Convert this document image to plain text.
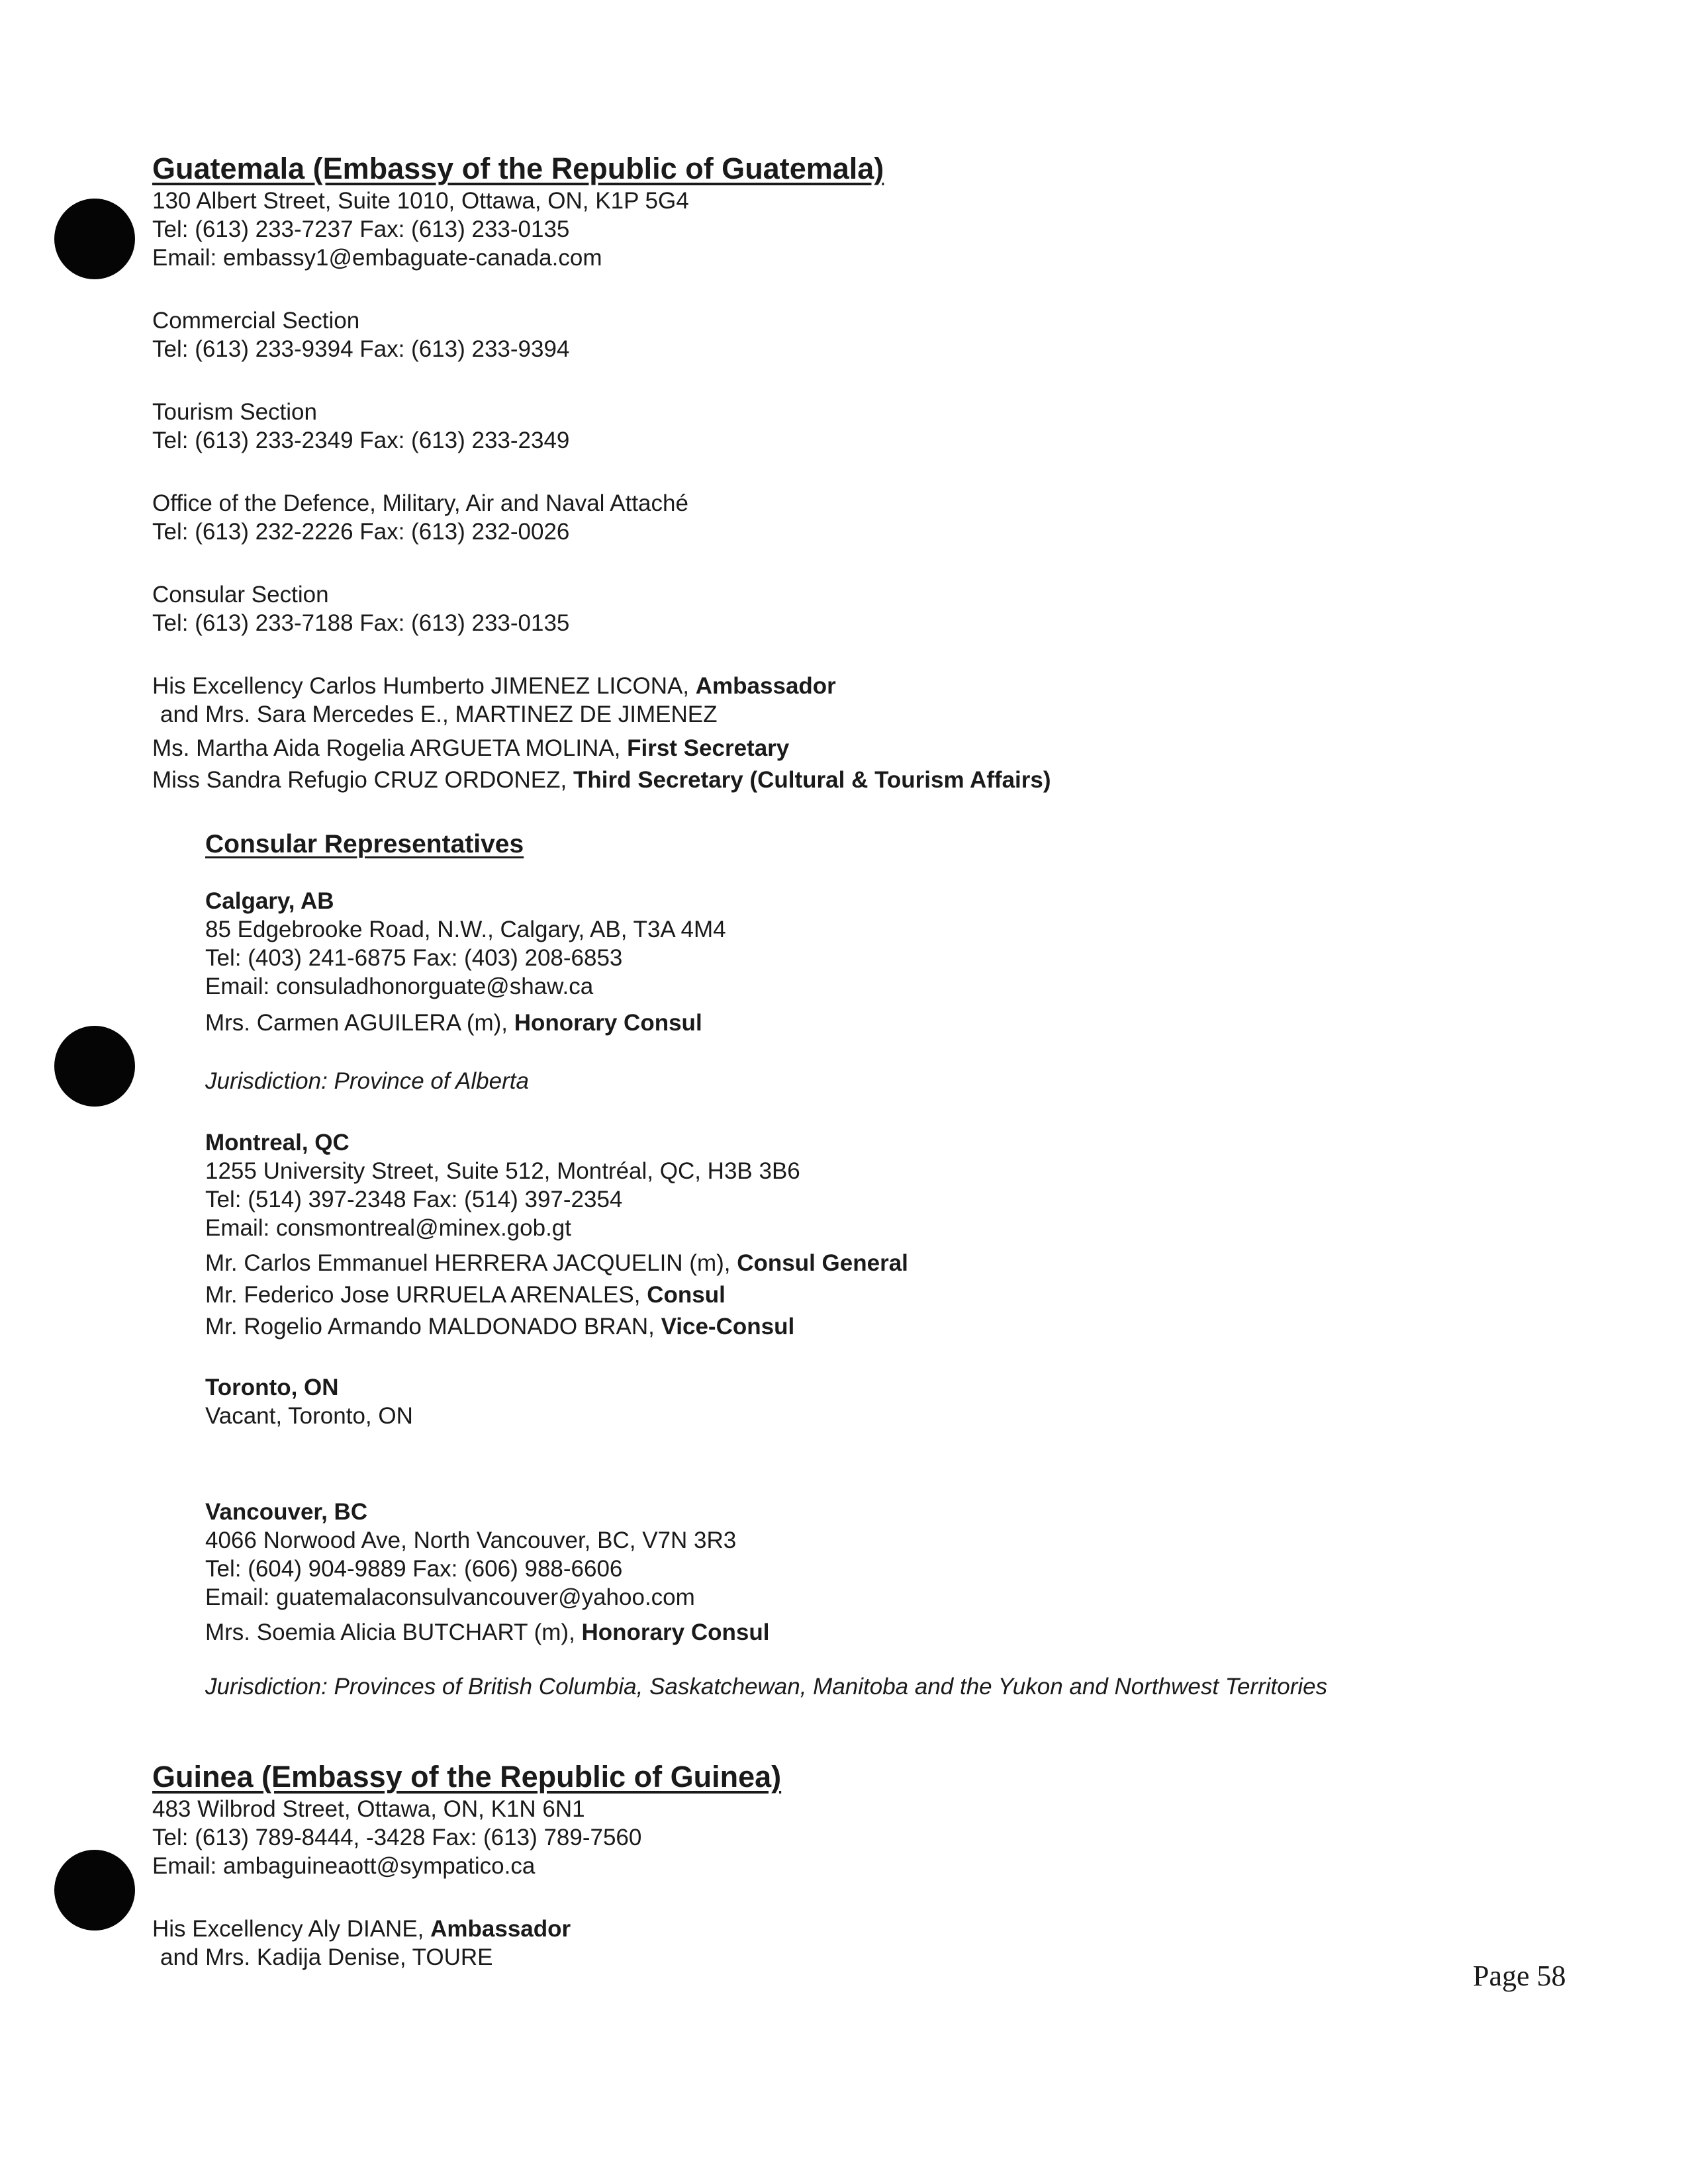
Guatemala (Embassy of the Republic of Guatemala)
130 Albert Street, Suite 1010, Ottawa, ON, K1P 5G4
Tel: (613) 233-7237 Fax: (613) 233-0135
Email: embassy1@embaguate-canada.com
Commercial Section
Tel: (613) 233-9394 Fax: (613) 233-9394
Tourism Section
Tel: (613) 233-2349 Fax: (613) 233-2349
Office of the Defence, Military, Air and Naval Attaché
Tel: (613) 232-2226 Fax: (613) 232-0026
Consular Section
Tel: (613) 233-7188 Fax: (613) 233-0135
His Excellency Carlos Humberto JIMENEZ LICONA, Ambassador
and Mrs. Sara Mercedes E., MARTINEZ DE JIMENEZ
Ms. Martha Aida Rogelia ARGUETA MOLINA, First Secretary
Miss Sandra Refugio CRUZ ORDONEZ, Third Secretary (Cultural & Tourism Affairs)
Consular Representatives
Calgary, AB
85 Edgebrooke Road, N.W., Calgary, AB, T3A 4M4
Tel: (403) 241-6875 Fax: (403) 208-6853
Email: consuladhonorguate@shaw.ca
Mrs. Carmen AGUILERA (m), Honorary Consul
Jurisdiction: Province of Alberta
Montreal, QC
1255 University Street, Suite 512, Montréal, QC, H3B 3B6
Tel: (514) 397-2348 Fax: (514) 397-2354
Email: consmontreal@minex.gob.gt
Mr. Carlos Emmanuel HERRERA JACQUELIN (m), Consul General
Mr. Federico Jose URRUELA ARENALES, Consul
Mr. Rogelio Armando MALDONADO BRAN, Vice-Consul
Toronto, ON
Vacant, Toronto, ON
Vancouver, BC
4066 Norwood Ave, North Vancouver, BC, V7N 3R3
Tel: (604) 904-9889 Fax: (606) 988-6606
Email: guatemalaconsulvancouver@yahoo.com
Mrs. Soemia Alicia BUTCHART (m), Honorary Consul
Jurisdiction: Provinces of British Columbia, Saskatchewan, Manitoba and the Yukon and Northwest Territories
Guinea (Embassy of the Republic of Guinea)
483 Wilbrod Street, Ottawa, ON, K1N 6N1
Tel: (613) 789-8444, -3428 Fax: (613) 789-7560
Email: ambaguineaott@sympatico.ca
His Excellency Aly DIANE, Ambassador
and Mrs. Kadija Denise, TOURE
Page 58
